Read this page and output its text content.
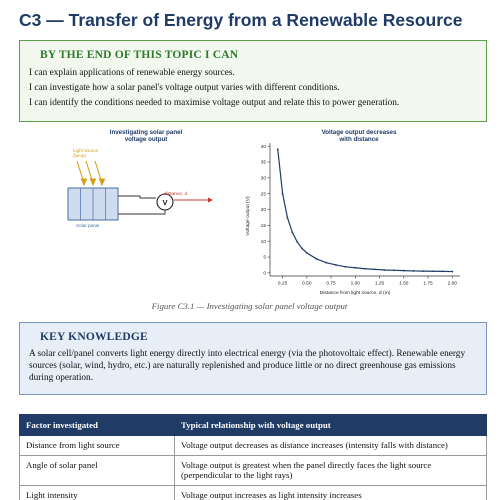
C3 — Transfer of Energy from a Renewable Resource
BY THE END OF THIS TOPIC I CAN
I can explain applications of renewable energy sources.
I can investigate how a solar panel's voltage output varies with different conditions.
I can identify the conditions needed to maximise voltage output and relate this to power generation.
Investigating solar panel
voltage output
Light source
(lamp)
V
distance, d
Solar panel
Voltage output decreases
with distance
0
5
10
15
20
25
30
35
40
0.25	0.50	0.75	1.00	1.25	1.50	1.75	2.00
Distance from light source, d (m)
Voltage output (V)
Figure C3.1 — Investigating solar panel voltage output
KEY KNOWLEDGE
A solar cell/panel converts light energy directly into electrical energy (via the photovoltaic effect). Renewable energy sources (solar, wind, hydro, etc.) are naturally replenished and produce little or no direct greenhouse gas emissions during operation.
Factor investigated	Typical relationship with voltage output
Distance from light source	Voltage output decreases as distance increases (intensity falls with distance)
Angle of solar panel	Voltage output is greatest when the panel directly faces the light source (perpendicular to the light rays)
Light intensity	Voltage output increases as light intensity increases
